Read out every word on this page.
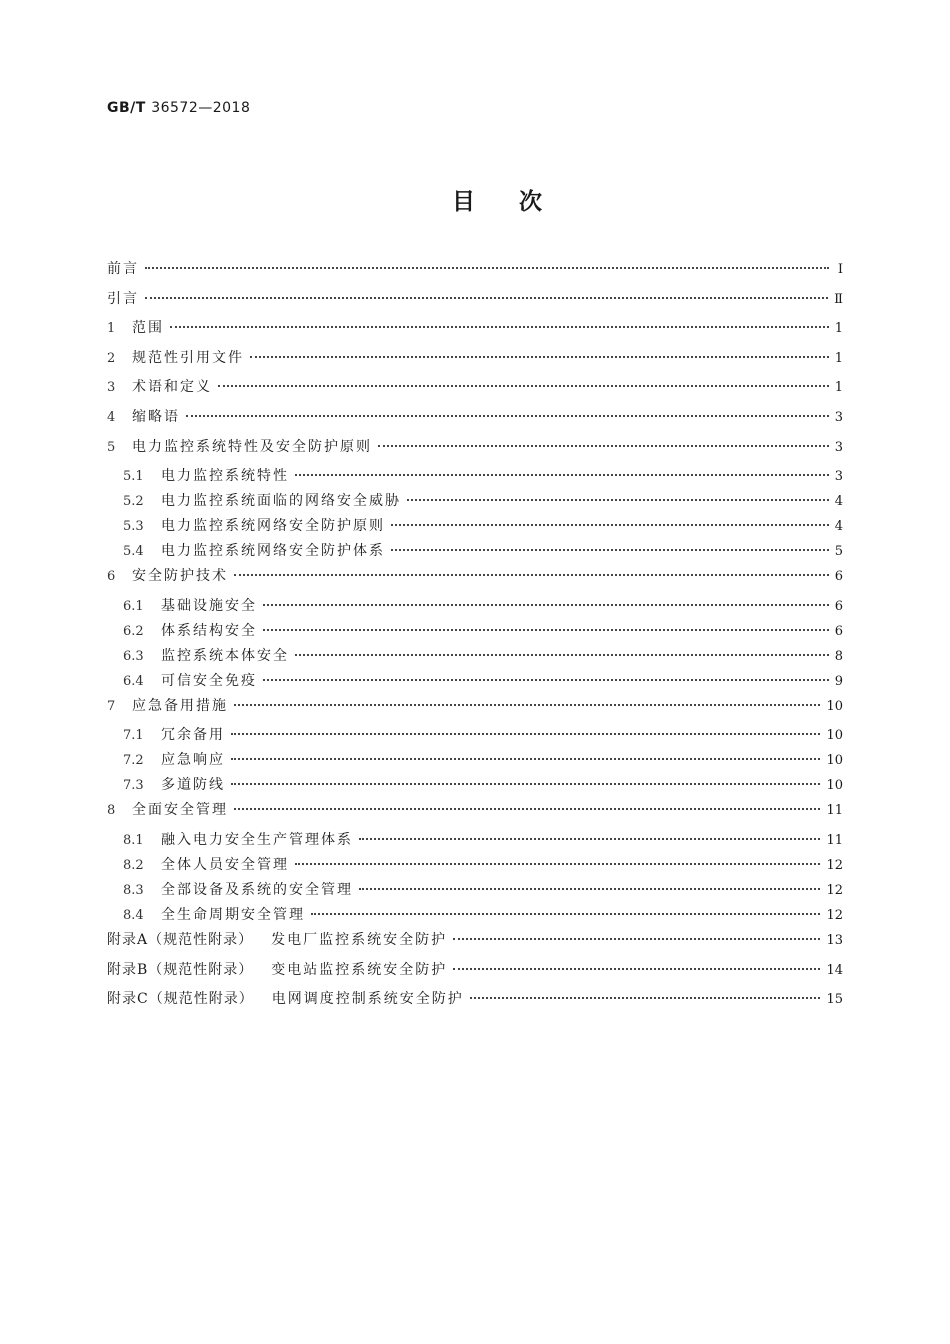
GB/T 36572—2018
目次
前言	Ⅰ
引言	Ⅱ
1	范围	1
2	规范性引用文件	1
3	术语和定义	1
4	缩略语	3
5	电力监控系统特性及安全防护原则	3
5.1	电力监控系统特性	3
5.2	电力监控系统面临的网络安全威胁	4
5.3	电力监控系统网络安全防护原则	4
5.4	电力监控系统网络安全防护体系	5
6	安全防护技术	6
6.1	基础设施安全	6
6.2	体系结构安全	6
6.3	监控系统本体安全	8
6.4	可信安全免疫	9
7	应急备用措施	10
7.1	冗余备用	10
7.2	应急响应	10
7.3	多道防线	10
8	全面安全管理	11
8.1	融入电力安全生产管理体系	11
8.2	全体人员安全管理	12
8.3	全部设备及系统的安全管理	12
8.4	全生命周期安全管理	12
附录A（规范性附录） 发电厂监控系统安全防护	13
附录B（规范性附录） 变电站监控系统安全防护	14
附录C（规范性附录） 电网调度控制系统安全防护	15
